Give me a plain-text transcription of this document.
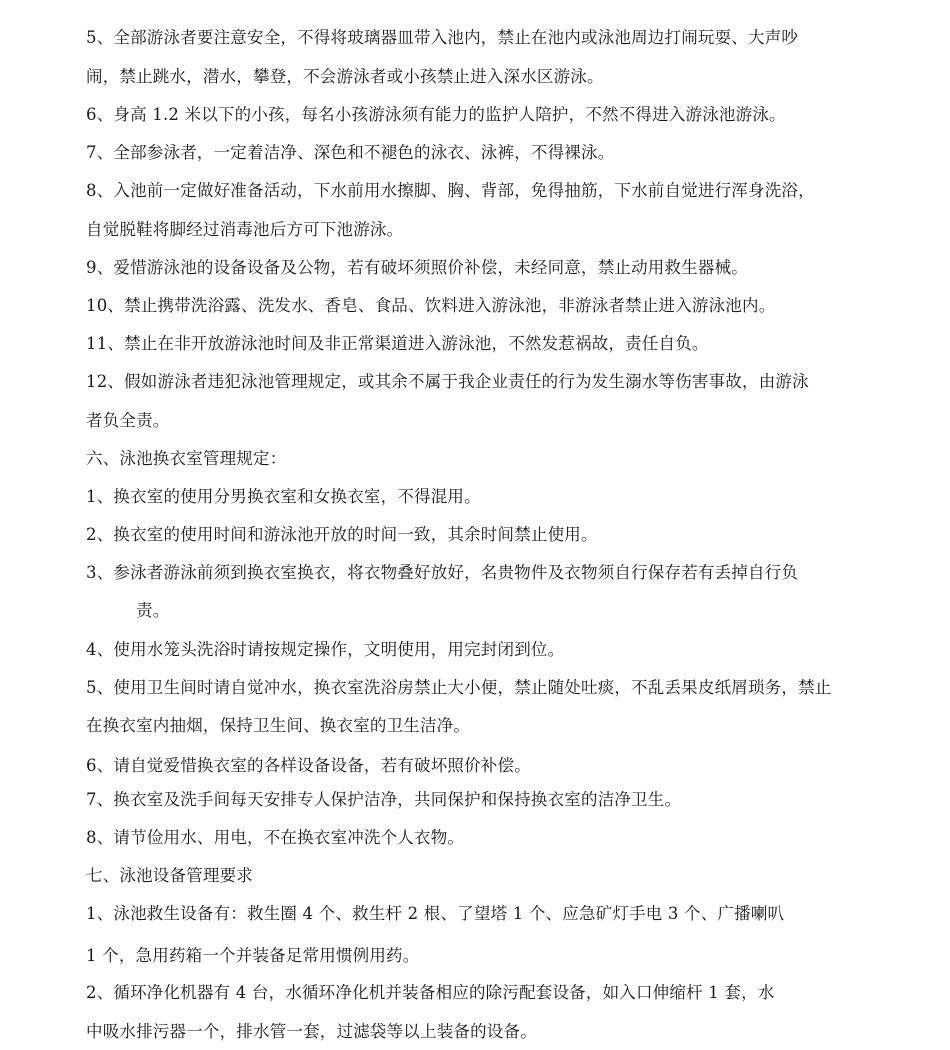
5、全部游泳者要注意安全，不得将玻璃器皿带入池内，禁止在池内或泳池周边打闹玩耍、大声吵
闹，禁止跳水，潜水，攀登，不会游泳者或小孩禁止进入深水区游泳。
6、身高 1.2 米以下的小孩，每名小孩游泳须有能力的监护人陪护，不然不得进入游泳池游泳。
7、全部参泳者，一定着洁净、深色和不褪色的泳衣、泳裤，不得裸泳。
8、入池前一定做好准备活动，下水前用水擦脚、胸、背部，免得抽筋，下水前自觉进行浑身洗浴，
自觉脱鞋将脚经过消毒池后方可下池游泳。
9、爱惜游泳池的设备设备及公物，若有破坏须照价补偿，未经同意，禁止动用救生器械。
10、禁止携带洗浴露、洗发水、香皂、食品、饮料进入游泳池，非游泳者禁止进入游泳池内。
11、禁止在非开放游泳池时间及非正常渠道进入游泳池，不然发惹祸故，责任自负。
12、假如游泳者违犯泳池管理规定，或其余不属于我企业责任的行为发生溺水等伤害事故，由游泳
者负全责。
六、泳池换衣室管理规定：
1、换衣室的使用分男换衣室和女换衣室，不得混用。
2、换衣室的使用时间和游泳池开放的时间一致，其余时间禁止使用。
3、参泳者游泳前须到换衣室换衣，将衣物叠好放好，名贵物件及衣物须自行保存若有丢掉自行负
责。
4、使用水笼头洗浴时请按规定操作，文明使用，用完封闭到位。
5、使用卫生间时请自觉冲水，换衣室洗浴房禁止大小便，禁止随处吐痰，不乱丢果皮纸屑琐务，禁止
在换衣室内抽烟，保持卫生间、换衣室的卫生洁净。
6、请自觉爱惜换衣室的各样设备设备，若有破坏照价补偿。
7、换衣室及洗手间每天安排专人保护洁净，共同保护和保持换衣室的洁净卫生。
8、请节俭用水、用电，不在换衣室冲洗个人衣物。
七、泳池设备管理要求
1、泳池救生设备有：救生圈 4 个、救生杆 2 根、了望塔 1 个、应急矿灯手电 3 个、广播喇叭
1 个，急用药箱一个并装备足常用惯例用药。
2、循环净化机器有 4 台，水循环净化机并装备相应的除污配套设备，如入口伸缩杆 1 套，水
中吸水排污器一个，排水管一套，过滤袋等以上装备的设备。
